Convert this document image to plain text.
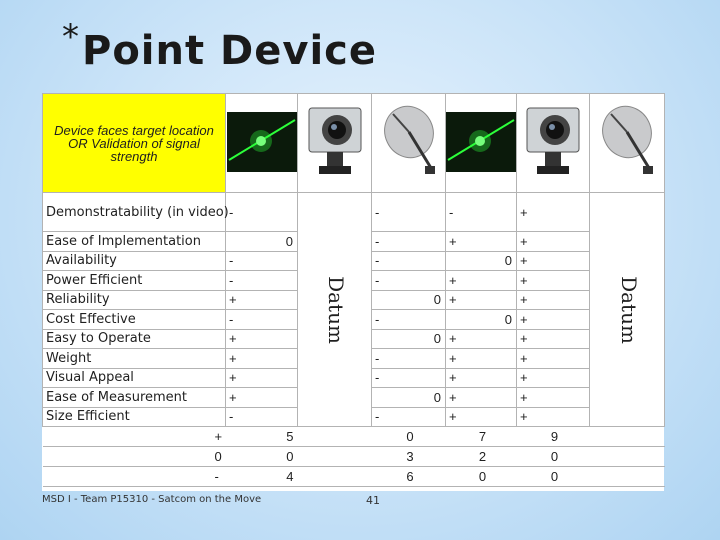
* Point Device
Device faces target location OR Validation of signal strength						
Demonstratability (in video)	-	Datum	-	-	+	Datum
Ease of Implementation	0		-	+	+	

Availability	-		-	0	+	

Power Efficient	-		-	+	+	

Reliability	+		0	+	+	

Cost Effective	-		-	0	+	

Easy to Operate	+		0	+	+	

Weight	+		-	+	+	

Visual Appeal	+		-	+	+	

Ease of Measurement	+		0	+	+	

Size Efficient	-		-	+	+	

	+ 5		0	7	9	

	0 0		3	2	0	

	- 4		6	0	0	
MSD I - Team P15310 - Satcom on the Move	41
